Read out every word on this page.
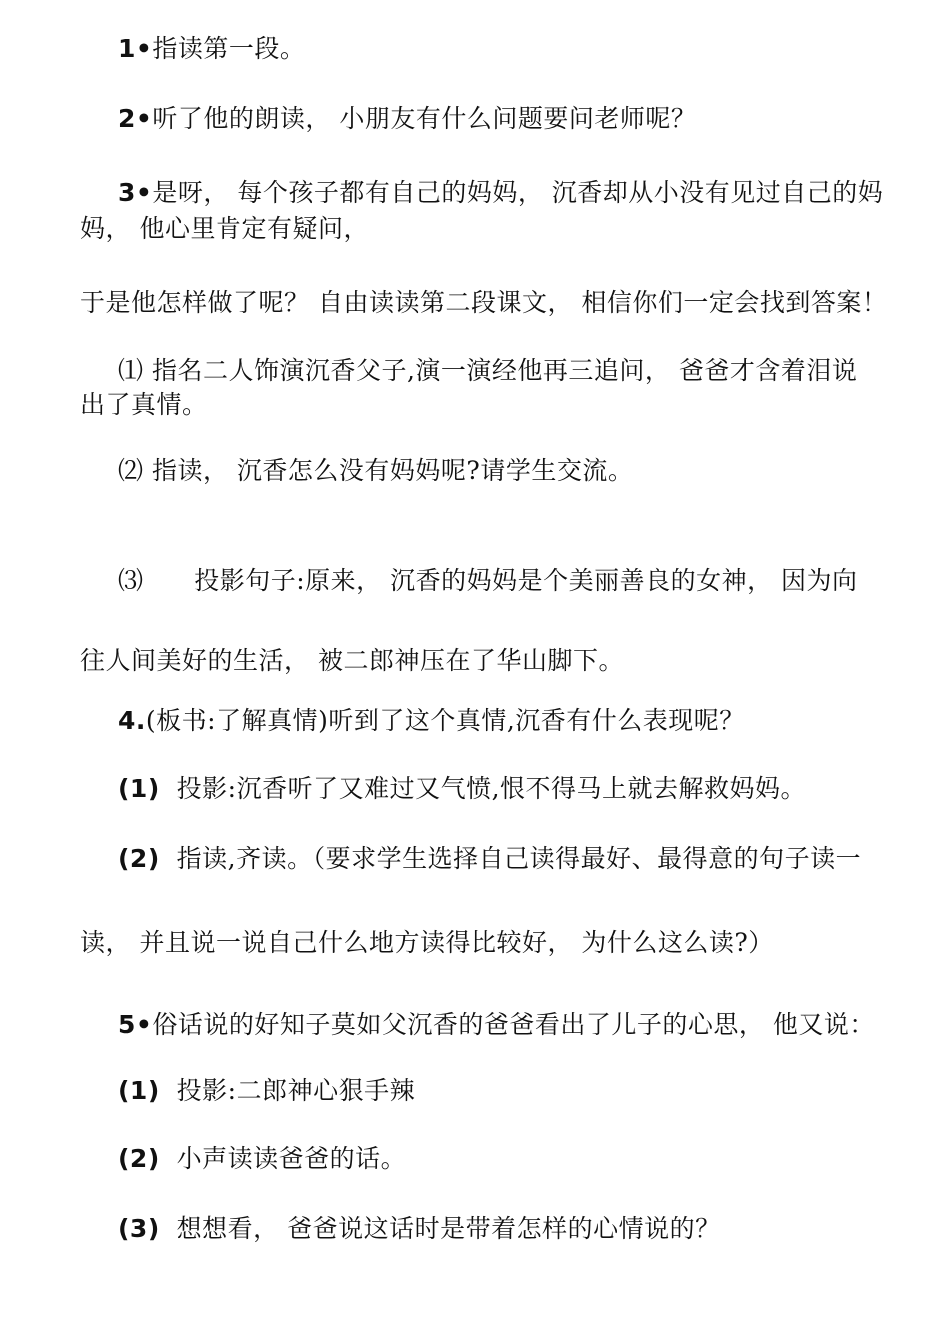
1•指读第一段。
2•听了他的朗读， 小朋友有什么问题要问老师呢？
3•是呀， 每个孩子都有自己的妈妈， 沉香却从小没有见过自己的妈
妈， 他心里肯定有疑问，
于是他怎样做了呢？ 自由读读第二段课文， 相信你们一定会找到答案！
⑴ 指名二人饰演沉香父子,演一演经他再三追问， 爸爸才含着泪说
出了真情。
⑵ 指读， 沉香怎么没有妈妈呢?请学生交流。
⑶      投影句子:原来， 沉香的妈妈是个美丽善良的女神， 因为向
往人间美好的生活， 被二郎神压在了华山脚下。
4.(板书:了解真情)听到了这个真情,沉香有什么表现呢？
(1)  投影:沉香听了又难过又气愤,恨不得马上就去解救妈妈。
(2)  指读,齐读。（要求学生选择自己读得最好、最得意的句子读一
读， 并且说一说自己什么地方读得比较好， 为什么这么读?）
5•俗话说的好知子莫如父沉香的爸爸看出了儿子的心思， 他又说：
(1)  投影:二郎神心狠手辣
(2)  小声读读爸爸的话。
(3)  想想看， 爸爸说这话时是带着怎样的心情说的？
